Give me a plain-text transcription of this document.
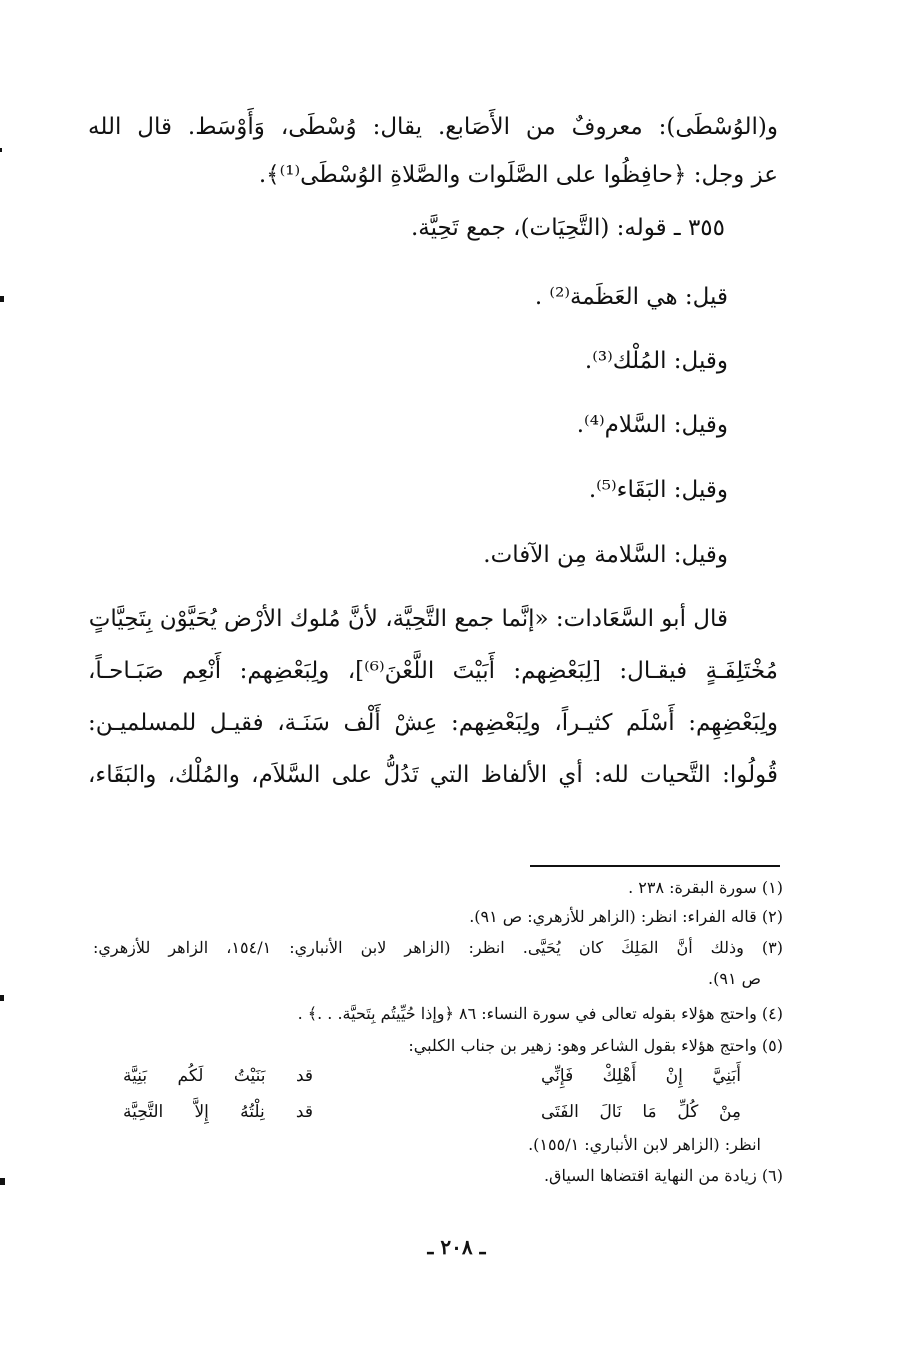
و(الوُسْطَى): معروفٌ من الأَصَابع. يقال: وُسْطَى، وَأَوْسَط. قال الله
عز وجل: ﴿حافِظُوا على الصَّلَوات والصَّلاةِ الوُسْطَى⁽¹⁾﴾.
٣٥٥ ـ قوله: (التَّحِيَات)، جمع تَحِيَّة.
قيل: هي العَظَمة⁽²⁾ .
وقيل: المُلْك⁽³⁾.
وقيل: السَّلام⁽⁴⁾.
وقيل: البَقَاء⁽⁵⁾.
وقيل: السَّلامة مِن الآفات.
قال أبو السَّعَادات: «إنَّما جمع التَّحِيَّة، لأنَّ مُلوك الأرْض يُحَيَّوْن بِتَحِيَّاتٍ
مُخْتَلِفَـةٍ فيقـال: [لِبَعْضِهم: أَبَيْتَ اللَّعْنَ⁽⁶⁾]، ولِبَعْضِهم: أَنْعِم صَبَـاحـاً،
ولِبَعْضِهِم: أَسْلَم كثيـراً، ولِبَعْضِهم: عِشْ أَلْف سَنَـة، فقيـل للمسلميـن:
قُولُوا: التَّحيات لله: أي الألفاظ التي تَدُلُّ على السَّلاَم، والمُلْك، والبَقَاء،
(١) سورة البقرة: ٢٣٨ .
(٢) قاله الفراء: انظر: (الزاهر للأزهري: ص ٩١).
(٣) وذلك أنَّ المَلِكَ كان يُحَيَّى. انظر: (الزاهر لابن الأنباري: ١٥٤/١، الزاهر للأزهري:
ص ٩١).
(٤) واحتج هؤلاء بقوله تعالى في سورة النساء: ٨٦ ﴿وإذا حُيِّيتُم بِتَحيَّة. . .﴾ .
(٥) واحتج هؤلاء بقول الشاعر وهو: زهير بن جناب الكلبي:
أَبَنِيَّ إِنْ أَهْلِكْ فَإِنِّي
قد بَنَيْتُ لَكُم بَنِيَّة
مِنْ كُلِّ مَا نَالَ الفَتَى
قد نِلْتُهُ إِلاَّ التَّحِيَّة
انظر: (الزاهر لابن الأنباري: ١٥٥/١).
(٦) زيادة من النهاية اقتضاها السياق.
ـ ٢٠٨ ـ
